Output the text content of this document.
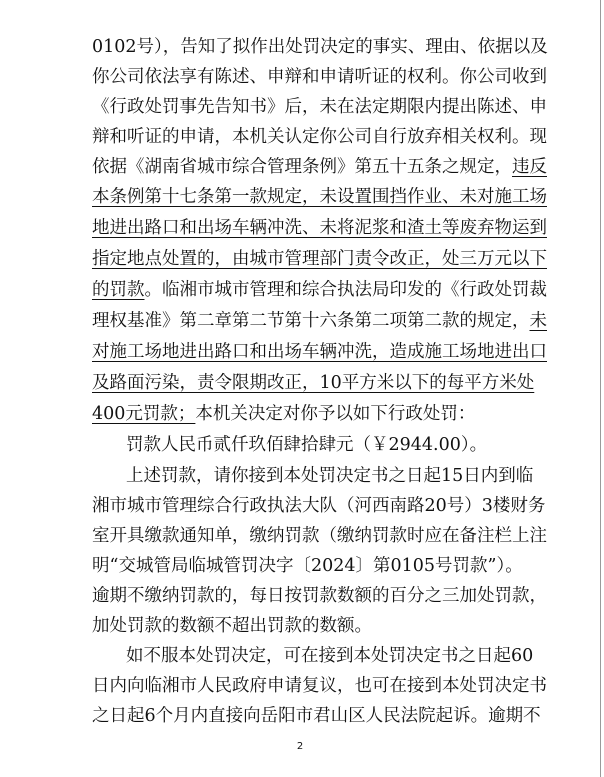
0102号），告知了拟作出处罚决定的事实、理由、依据以及
你公司依法享有陈述、申辩和申请听证的权利。你公司收到
《行政处罚事先告知书》后，未在法定期限内提出陈述、申
辩和听证的申请，本机关认定你公司自行放弃相关权利。现
依据《湖南省城市综合管理条例》第五十五条之规定，违反
本条例第十七条第一款规定，未设置围挡作业、未对施工场
地进出路口和出场车辆冲洗、未将泥浆和渣土等废弃物运到
指定地点处置的，由城市管理部门责令改正，处三万元以下
的罚款。临湘市城市管理和综合执法局印发的《行政处罚裁
理权基准》第二章第二节第十六条第二项第二款的规定，未
对施工场地进出路口和出场车辆冲洗，造成施工场地进出口
及路面污染，责令限期改正，10平方米以下的每平方米处
400元罚款；本机关决定对你予以如下行政处罚：
罚款人民币贰仟玖佰肆拾肆元（￥2944.00）。
上述罚款，请你接到本处罚决定书之日起15日内到临
湘市城市管理综合行政执法大队（河西南路20号）3楼财务
室开具缴款通知单，缴纳罚款（缴纳罚款时应在备注栏上注
明“交城管局临城管罚决字〔2024〕第0105号罚款”）。
逾期不缴纳罚款的，每日按罚款数额的百分之三加处罚款，
加处罚款的数额不超出罚款的数额。
如不服本处罚决定，可在接到本处罚决定书之日起60
日内向临湘市人民政府申请复议，也可在接到本处罚决定书
之日起6个月内直接向岳阳市君山区人民法院起诉。逾期不
2
